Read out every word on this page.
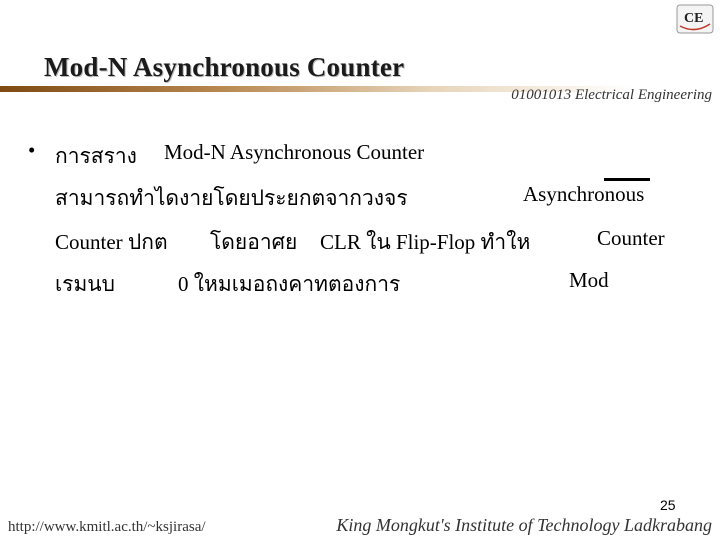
Mod-N Asynchronous Counter
CE
01001013 Electrical Engineering
• การสราง Mod-N Asynchronous Counter
สามารถทำไดงายโดยประยกตจากวงจร	Asynchronous
Counter ปกต โดยอาศย CLR ใน Flip-Flop ทำให	Counter
เรมนบ	0 ใหมเมอถงคาทตองการ	Mod
25
http://www.kmitl.ac.th/~ksjirasa/	King Mongkut's Institute of Technology Ladkrabang
